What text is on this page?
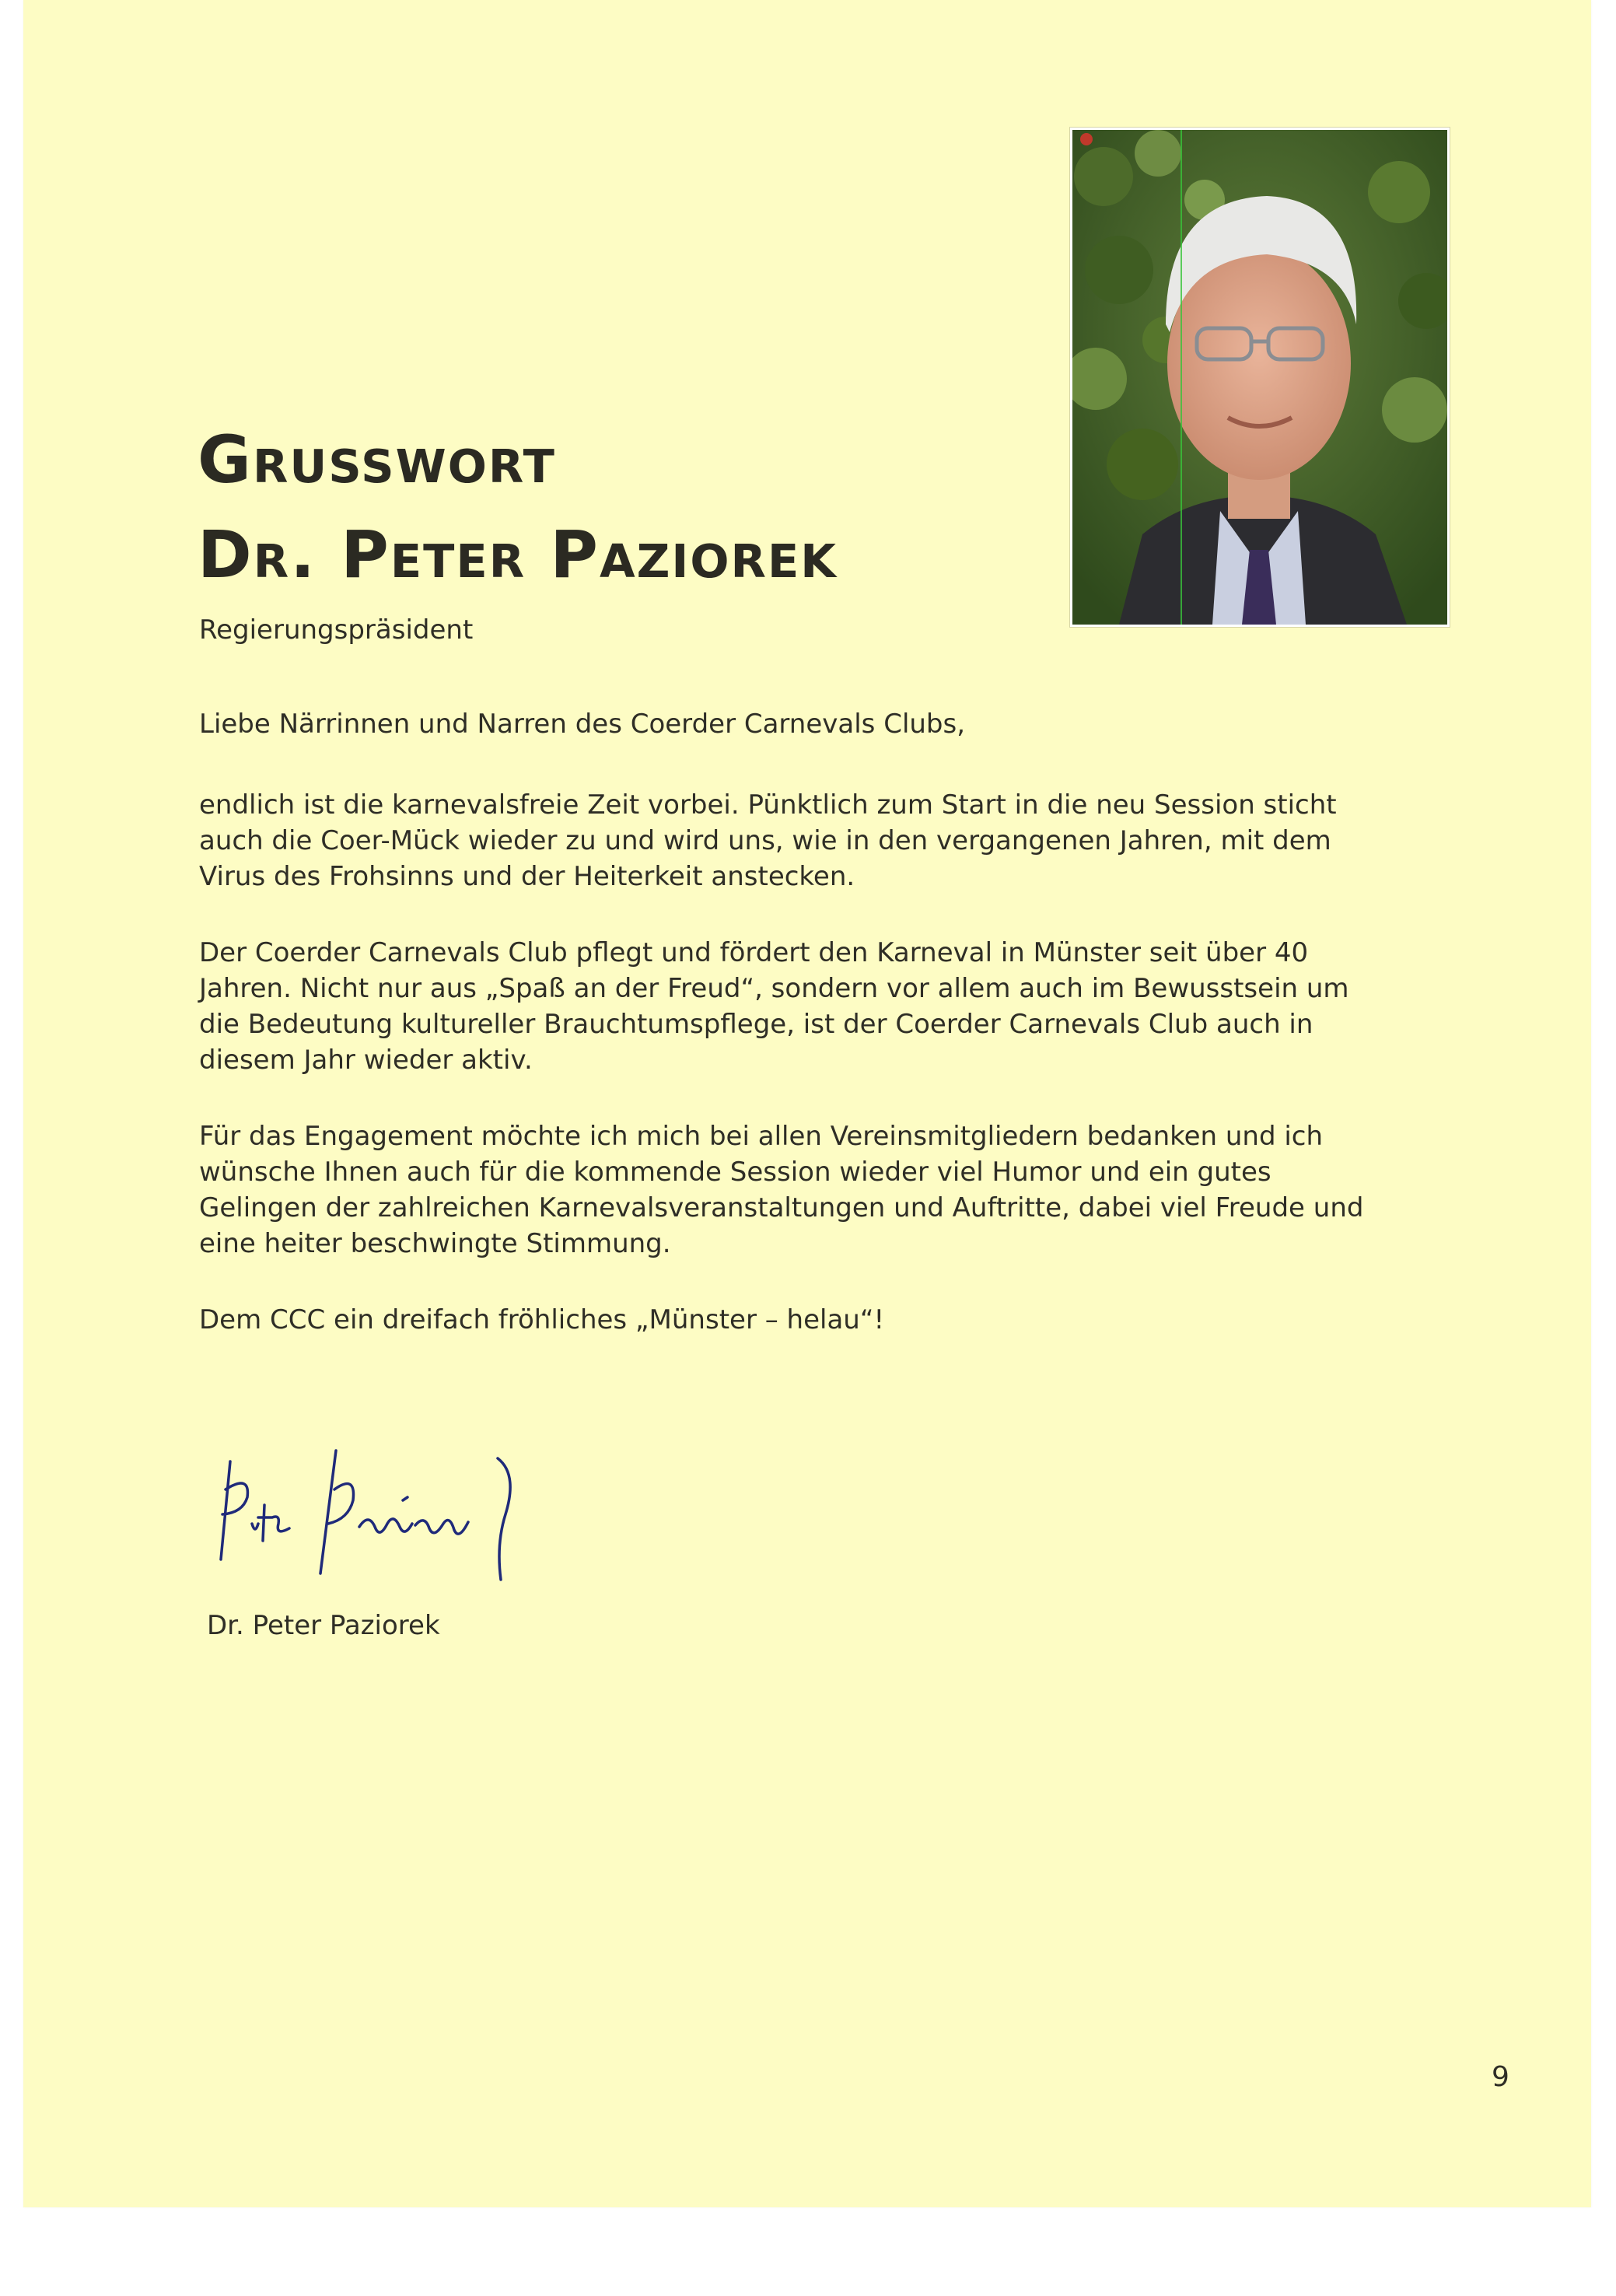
Grusswort
Dr. Peter Paziorek
Regierungspräsident

Liebe Närrinnen und Narren des Coerder Carnevals Clubs,

endlich ist die karnevalsfreie Zeit vorbei. Pünktlich zum Start in die neu Session sticht auch die Coer-Mück wieder zu und wird uns, wie in den vergangenen Jahren, mit dem Virus des Frohsinns und der Heiterkeit anstecken.

Der Coerder Carnevals Club pflegt und fördert den Karneval in Münster seit über 40 Jahren. Nicht nur aus „Spaß an der Freud“, sondern vor allem auch im Bewusstsein um die Bedeutung kultureller Brauchtumspflege, ist der Coerder Carnevals Club auch in diesem Jahr wieder aktiv.

Für das Engagement möchte ich mich bei allen Vereinsmitgliedern bedanken und ich wünsche Ihnen auch für die kommende Session wieder viel Humor und ein gutes Gelingen der zahlreichen Karnevalsveranstaltungen und Auftritte, dabei viel Freude und eine heiter beschwingte Stimmung.

Dem CCC ein dreifach fröhliches „Münster – helau“!

Dr. Peter Paziorek
9
